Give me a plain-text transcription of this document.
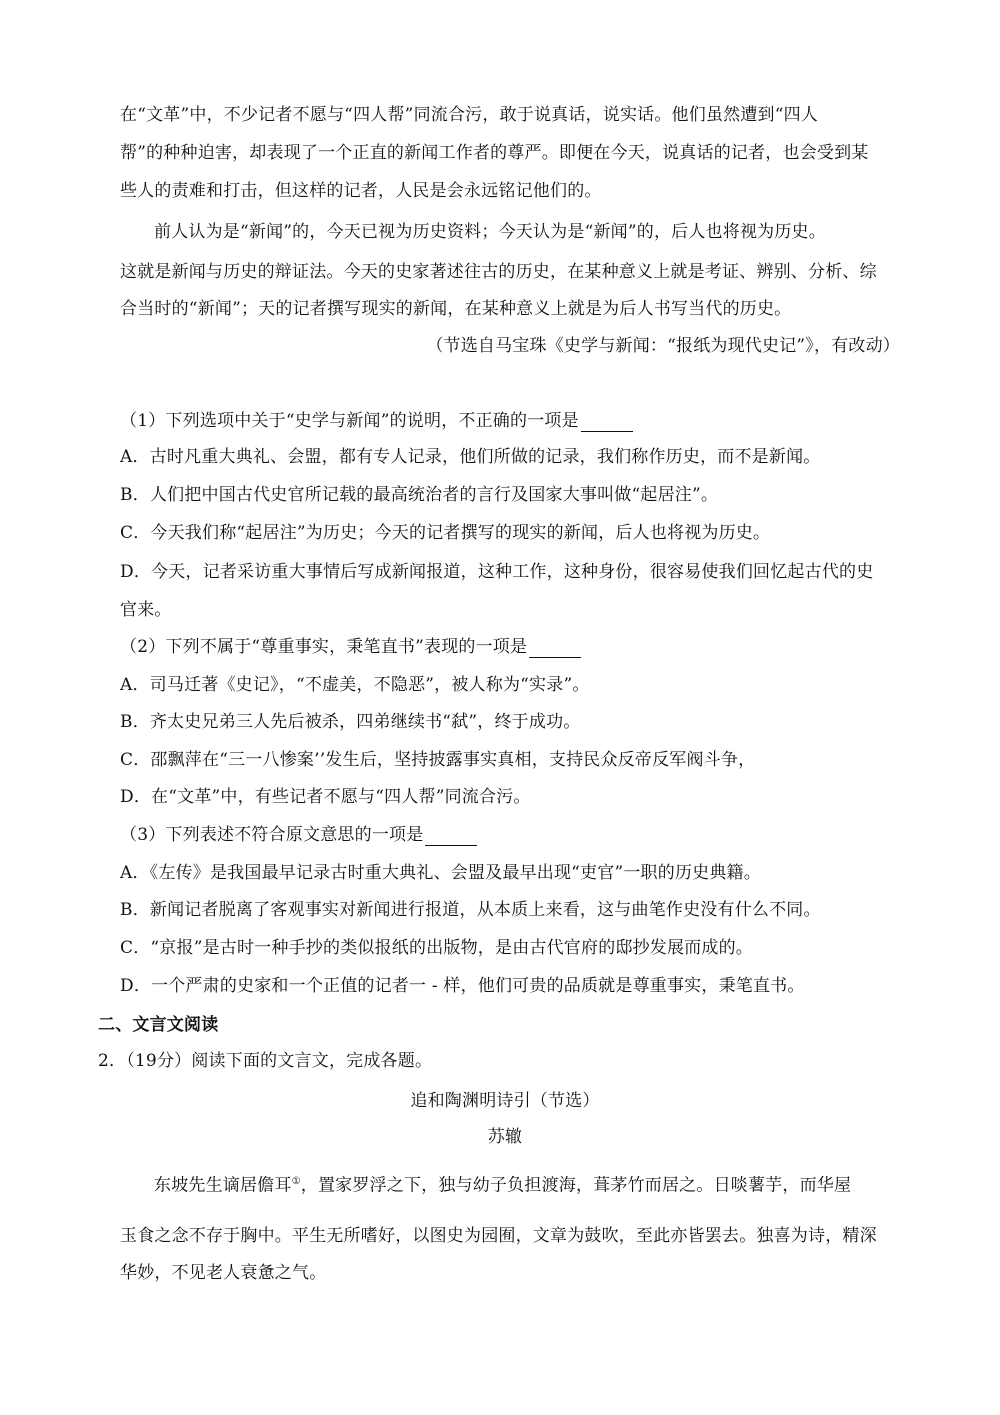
在“文革”中，不少记者不愿与“四人帮”同流合污，敢于说真话，说实话。他们虽然遭到“四人
帮”的种种迫害，却表现了一个正直的新闻工作者的尊严。即便在今天，说真话的记者，也会受到某
些人的责难和打击，但这样的记者，人民是会永远铭记他们的。
前人认为是“新闻”的，今天已视为历史资料；今天认为是“新闻”的，后人也将视为历史。
这就是新闻与历史的辩证法。今天的史家著述往古的历史，在某种意义上就是考证、辨别、分析、综
合当时的“新闻”；天的记者撰写现实的新闻，在某种意义上就是为后人书写当代的历史。
（节选自马宝珠《史学与新闻：“报纸为现代史记”》，有改动）
（1）下列选项中关于“史学与新闻”的说明，不正确的一项是
A．古时凡重大典礼、会盟，都有专人记录，他们所做的记录，我们称作历史，而不是新闻。
B．人们把中国古代史官所记载的最高统治者的言行及国家大事叫做“起居注”。
C．今天我们称“起居注”为历史；今天的记者撰写的现实的新闻，后人也将视为历史。
D．今天，记者采访重大事情后写成新闻报道，这种工作，这种身份，很容易使我们回忆起古代的史
官来。
（2）下列不属于“尊重事实，秉笔直书”表现的一项是
A．司马迁著《史记》，“不虚美，不隐恶”，被人称为“实录”。
B．齐太史兄弟三人先后被杀，四弟继续书“弑”，终于成功。
C．邵飘萍在“三一八惨案’’发生后，坚持披露事实真相，支持民众反帝反军阀斗争，
D．在“文革”中，有些记者不愿与“四人帮”同流合污。
（3）下列表述不符合原文意思的一项是
A．《左传》是我国最早记录古时重大典礼、会盟及最早出现“吏官”一职的历史典籍。
B．新闻记者脱离了客观事实对新闻进行报道，从本质上来看，这与曲笔作史没有什么不同。
C．“京报”是古时一种手抄的类似报纸的出版物，是由古代官府的邸抄发展而成的。
D．一个严肃的史家和一个正值的记者一 - 样，他们可贵的品质就是尊重事实，秉笔直书。
二、文言文阅读
2．（19分）阅读下面的文言文，完成各题。
追和陶渊明诗引（节选）
苏辙
东坡先生谪居儋耳①，置家罗浮之下，独与幼子负担渡海，葺茅竹而居之。日啖薯芋，而华屋
玉食之念不存于胸中。平生无所嗜好，以图史为园囿，文章为鼓吹，至此亦皆罢去。独喜为诗，精深
华妙，不见老人衰惫之气。
